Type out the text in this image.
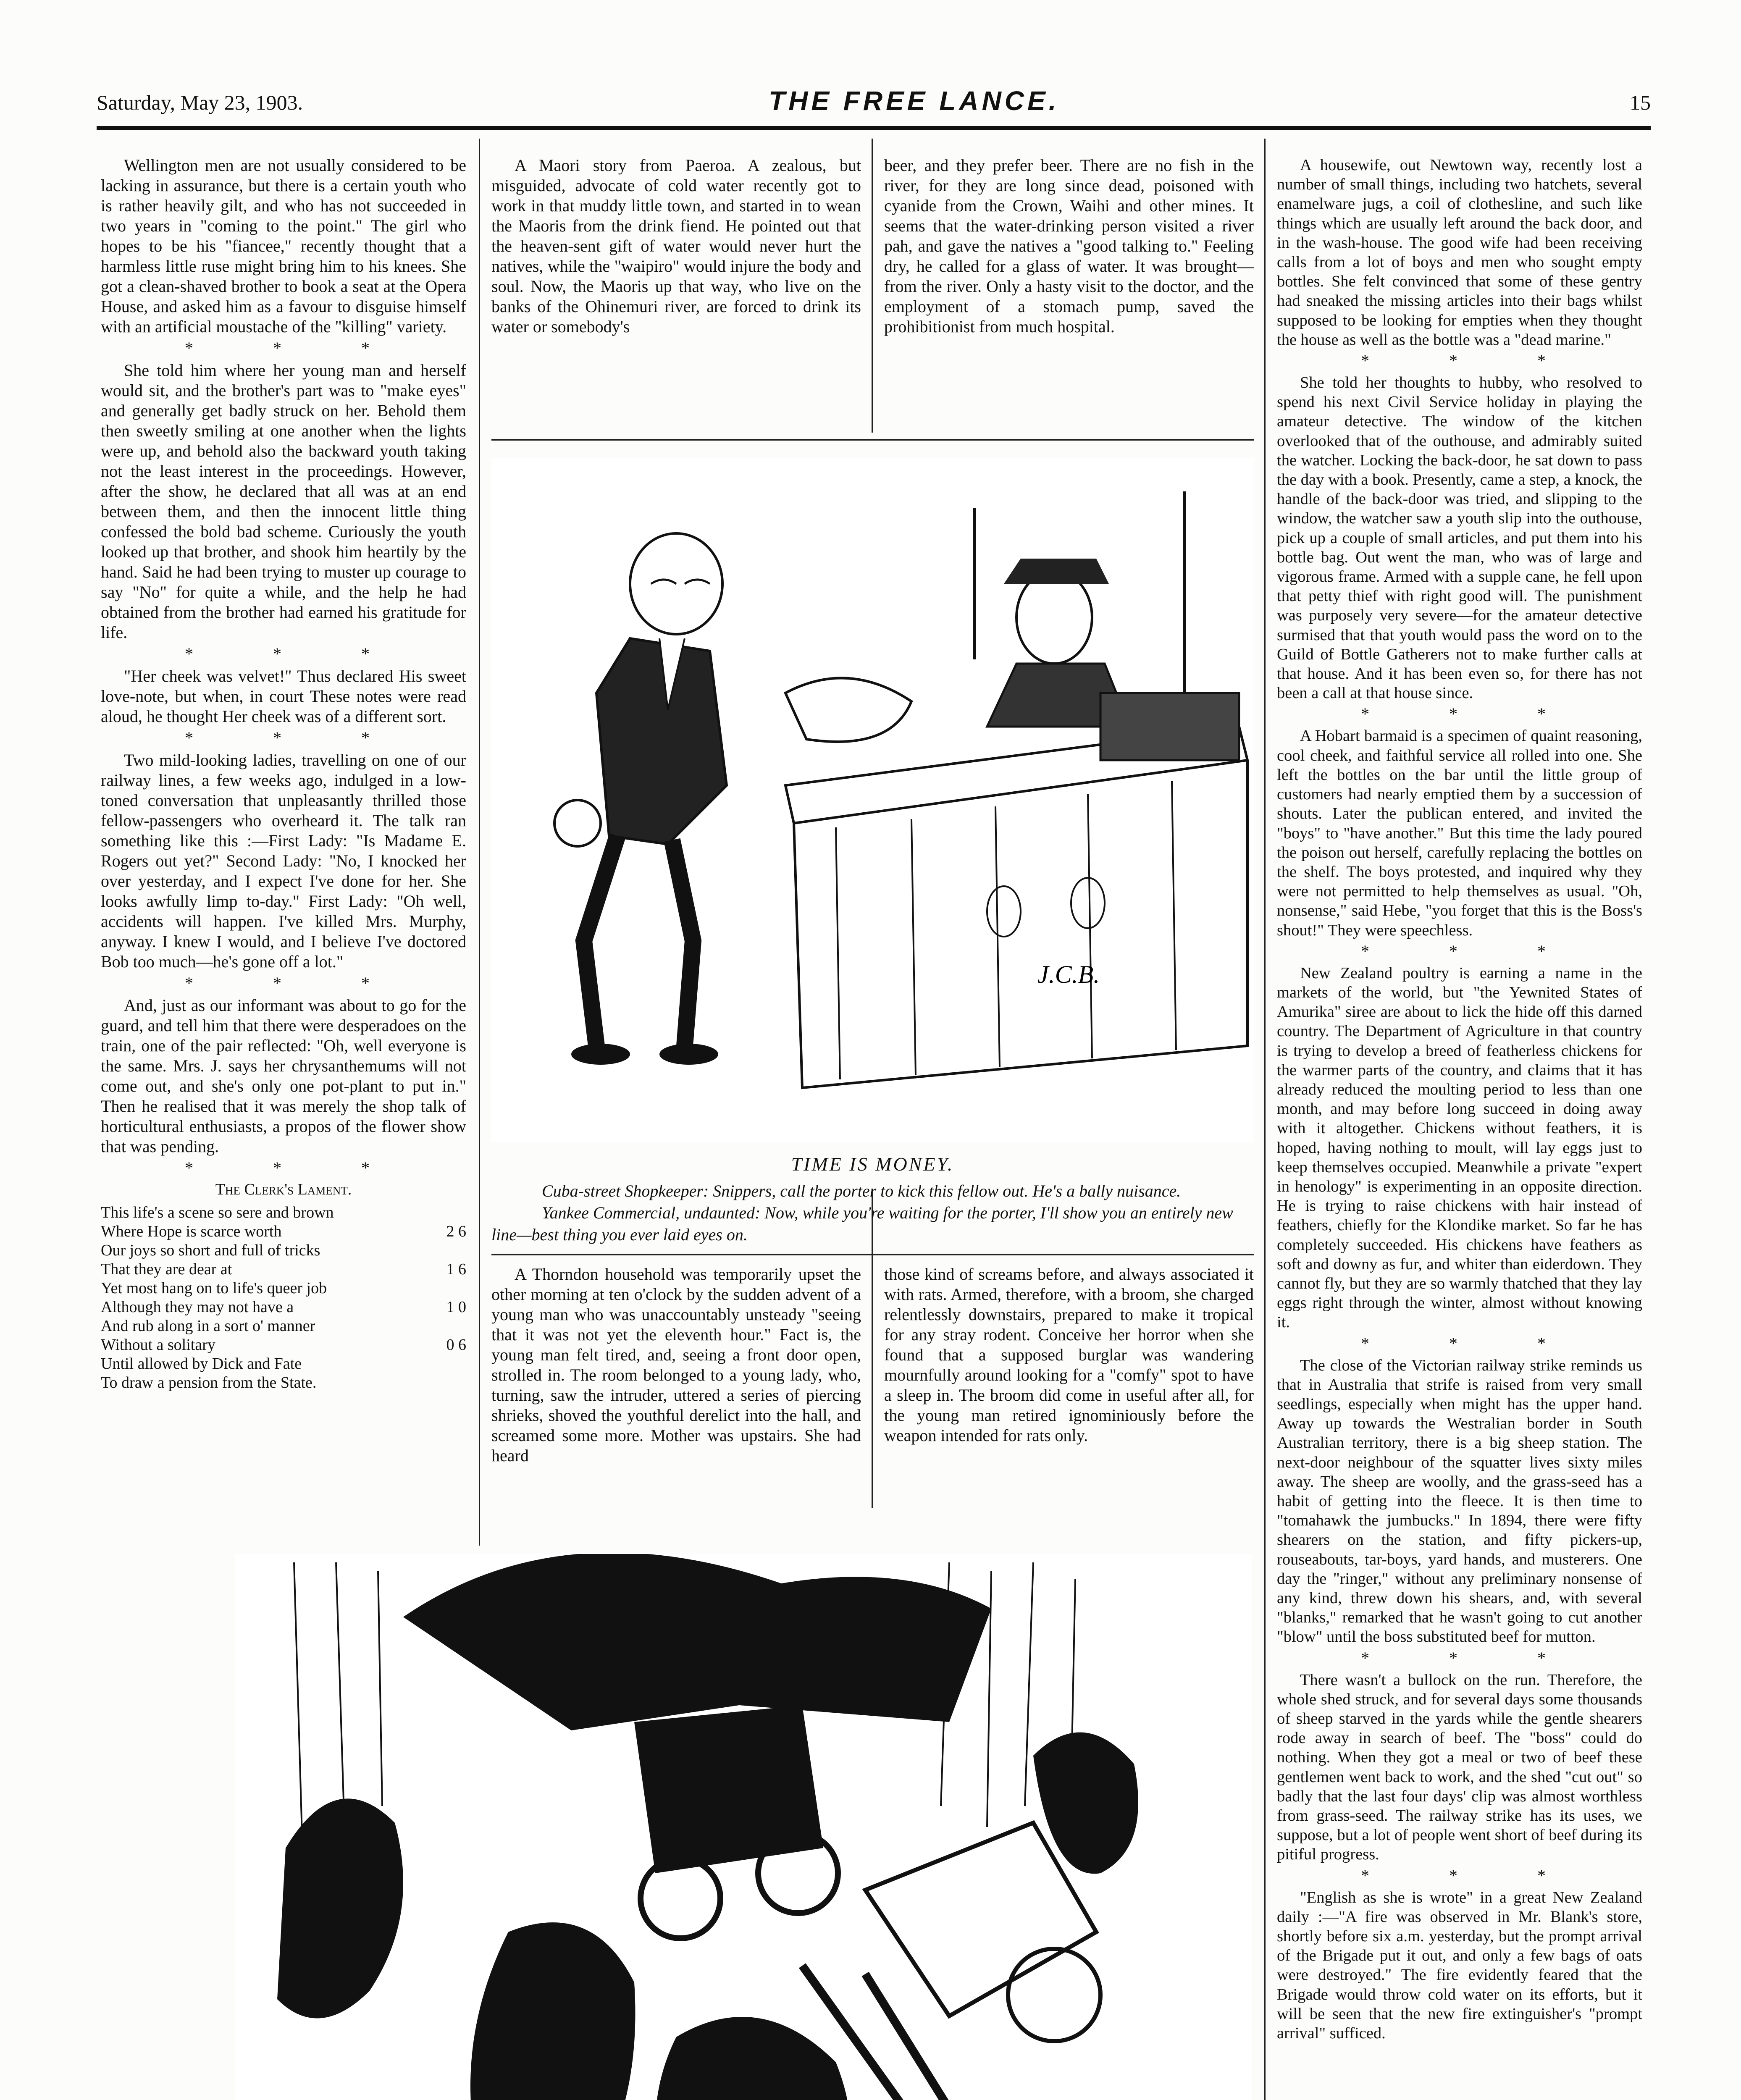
Saturday, May 23, 1903.	THE FREE LANCE.	15

Wellington men are not usually considered to be lacking in assurance, but there is a certain youth who is rather heavily gilt, and who has not succeeded in two years in "coming to the point." The girl who hopes to be his "fiancee," recently thought that a harmless little ruse might bring him to his knees. She got a clean-shaved brother to book a seat at the Opera House, and asked him as a favour to disguise himself with an artificial moustache of the "killing" variety.

* * *

She told him where her young man and herself would sit, and the brother's part was to "make eyes" and generally get badly struck on her. Behold them then sweetly smiling at one another when the lights were up, and behold also the backward youth taking not the least interest in the proceedings. However, after the show, he declared that all was at an end between them, and then the innocent little thing confessed the bold bad scheme. Curiously the youth looked up that brother, and shook him heartily by the hand. Said he had been trying to muster up courage to say "No" for quite a while, and the help he had obtained from the brother had earned his gratitude for life.

* * *

"Her cheek was velvet!" Thus declared His sweet love-note, but when, in court These notes were read aloud, he thought Her cheek was of a different sort.

* * *

Two mild-looking ladies, travelling on one of our railway lines, a few weeks ago, indulged in a low-toned conversation that unpleasantly thrilled those fellow-passengers who overheard it. The talk ran something like this :—First Lady: "Is Madame E. Rogers out yet?" Second Lady: "No, I knocked her over yesterday, and I expect I've done for her. She looks awfully limp to-day." First Lady: "Oh well, accidents will happen. I've killed Mrs. Murphy, anyway. I knew I would, and I believe I've doctored Bob too much—he's gone off a lot."

* * *

And, just as our informant was about to go for the guard, and tell him that there were desperadoes on the train, one of the pair reflected: "Oh, well everyone is the same. Mrs. J. says her chrysanthemums will not come out, and she's only one pot-plant to put in." Then he realised that it was merely the shop talk of horticultural enthusiasts, a propos of the flower show that was pending.

* * *
The Clerk's Lament.
This life's a scene so sere and brown
Where Hope is scarce worth	2 6
Our joys so short and full of tricks
That they are dear at	1 6
Yet most hang on to life's queer job
Although they may not have a	1 0
And rub along in a sort o' manner
Without a solitary	0 6
Until allowed by Dick and Fate
To draw a pension from the State.

A Maori story from Paeroa. A zealous, but misguided, advocate of cold water recently got to work in that muddy little town, and started in to wean the Maoris from the drink fiend. He pointed out that the heaven-sent gift of water would never hurt the natives, while the "waipiro" would injure the body and soul. Now, the Maoris up that way, who live on the banks of the Ohinemuri river, are forced to drink its water or somebody's

beer, and they prefer beer. There are no fish in the river, for they are long since dead, poisoned with cyanide from the Crown, Waihi and other mines. It seems that the water-drinking person visited a river pah, and gave the natives a "good talking to." Feeling dry, he called for a glass of water. It was brought—from the river. Only a hasty visit to the doctor, and the employment of a stomach pump, saved the prohibitionist from much hospital.

J.C.B.
TIME IS MONEY.
Cuba-street Shopkeeper: Snippers, call the porter to kick this fellow out. He's a bally nuisance.
Yankee Commercial, undaunted: Now, while you're waiting for the porter, I'll show you an entirely new line—best thing you ever laid eyes on.

A Thorndon household was temporarily upset the other morning at ten o'clock by the sudden advent of a young man who was unaccountably unsteady "seeing that it was not yet the eleventh hour." Fact is, the young man felt tired, and, seeing a front door open, strolled in. The room belonged to a young lady, who, turning, saw the intruder, uttered a series of piercing shrieks, shoved the youthful derelict into the hall, and screamed some more. Mother was upstairs. She had heard

those kind of screams before, and always associated it with rats. Armed, therefore, with a broom, she charged relentlessly downstairs, prepared to make it tropical for any stray rodent. Conceive her horror when she found that a supposed burglar was wandering mournfully around looking for a "comfy" spot to have a sleep in. The broom did come in useful after all, for the young man retired ignominiously before the weapon intended for rats only.

A housewife, out Newtown way, recently lost a number of small things, including two hatchets, several enamelware jugs, a coil of clothesline, and such like things which are usually left around the back door, and in the wash-house. The good wife had been receiving calls from a lot of boys and men who sought empty bottles. She felt convinced that some of these gentry had sneaked the missing articles into their bags whilst supposed to be looking for empties when they thought the house as well as the bottle was a "dead marine."

* * *

She told her thoughts to hubby, who resolved to spend his next Civil Service holiday in playing the amateur detective. The window of the kitchen overlooked that of the outhouse, and admirably suited the watcher. Locking the back-door, he sat down to pass the day with a book. Presently, came a step, a knock, the handle of the back-door was tried, and slipping to the window, the watcher saw a youth slip into the outhouse, pick up a couple of small articles, and put them into his bottle bag. Out went the man, who was of large and vigorous frame. Armed with a supple cane, he fell upon that petty thief with right good will. The punishment was purposely very severe—for the amateur detective surmised that that youth would pass the word on to the Guild of Bottle Gatherers not to make further calls at that house. And it has been even so, for there has not been a call at that house since.

* * *

A Hobart barmaid is a specimen of quaint reasoning, cool cheek, and faithful service all rolled into one. She left the bottles on the bar until the little group of customers had nearly emptied them by a succession of shouts. Later the publican entered, and invited the "boys" to "have another." But this time the lady poured the poison out herself, carefully replacing the bottles on the shelf. The boys protested, and inquired why they were not permitted to help themselves as usual. "Oh, nonsense," said Hebe, "you forget that this is the Boss's shout!" They were speechless.

* * *

New Zealand poultry is earning a name in the markets of the world, but "the Yewnited States of Amurika" siree are about to lick the hide off this darned country. The Department of Agriculture in that country is trying to develop a breed of featherless chickens for the warmer parts of the country, and claims that it has already reduced the moulting period to less than one month, and may before long succeed in doing away with it altogether. Chickens without feathers, it is hoped, having nothing to moult, will lay eggs just to keep themselves occupied. Meanwhile a private "expert in henology" is experimenting in an opposite direction. He is trying to raise chickens with hair instead of feathers, chiefly for the Klondike market. So far he has completely succeeded. His chickens have feathers as soft and downy as fur, and whiter than eiderdown. They cannot fly, but they are so warmly thatched that they lay eggs right through the winter, almost without knowing it.

* * *

The close of the Victorian railway strike reminds us that in Australia that strife is raised from very small seedlings, especially when might has the upper hand. Away up towards the Westralian border in South Australian territory, there is a big sheep station. The next-door neighbour of the squatter lives sixty miles away. The sheep are woolly, and the grass-seed has a habit of getting into the fleece. It is then time to "tomahawk the jumbucks." In 1894, there were fifty shearers on the station, and fifty pickers-up, rouseabouts, tar-boys, yard hands, and musterers. One day the "ringer," without any preliminary nonsense of any kind, threw down his shears, and, with several "blanks," remarked that he wasn't going to cut another "blow" until the boss substituted beef for mutton.

* * *

There wasn't a bullock on the run. Therefore, the whole shed struck, and for several days some thousands of sheep starved in the yards while the gentle shearers rode away in search of beef. The "boss" could do nothing. When they got a meal or two of beef these gentlemen went back to work, and the shed "cut out" so badly that the last four days' clip was almost worthless from grass-seed. The railway strike has its uses, we suppose, but a lot of people went short of beef during its pitiful progress.

* * *

"English as she is wrote" in a great New Zealand daily :—"A fire was observed in Mr. Blank's store, shortly before six a.m. yesterday, but the prompt arrival of the Brigade put it out, and only a few bags of oats were destroyed." The fire evidently feared that the Brigade would throw cold water on its efforts, but it will be seen that the new fire extinguisher's "prompt arrival" sufficed.
